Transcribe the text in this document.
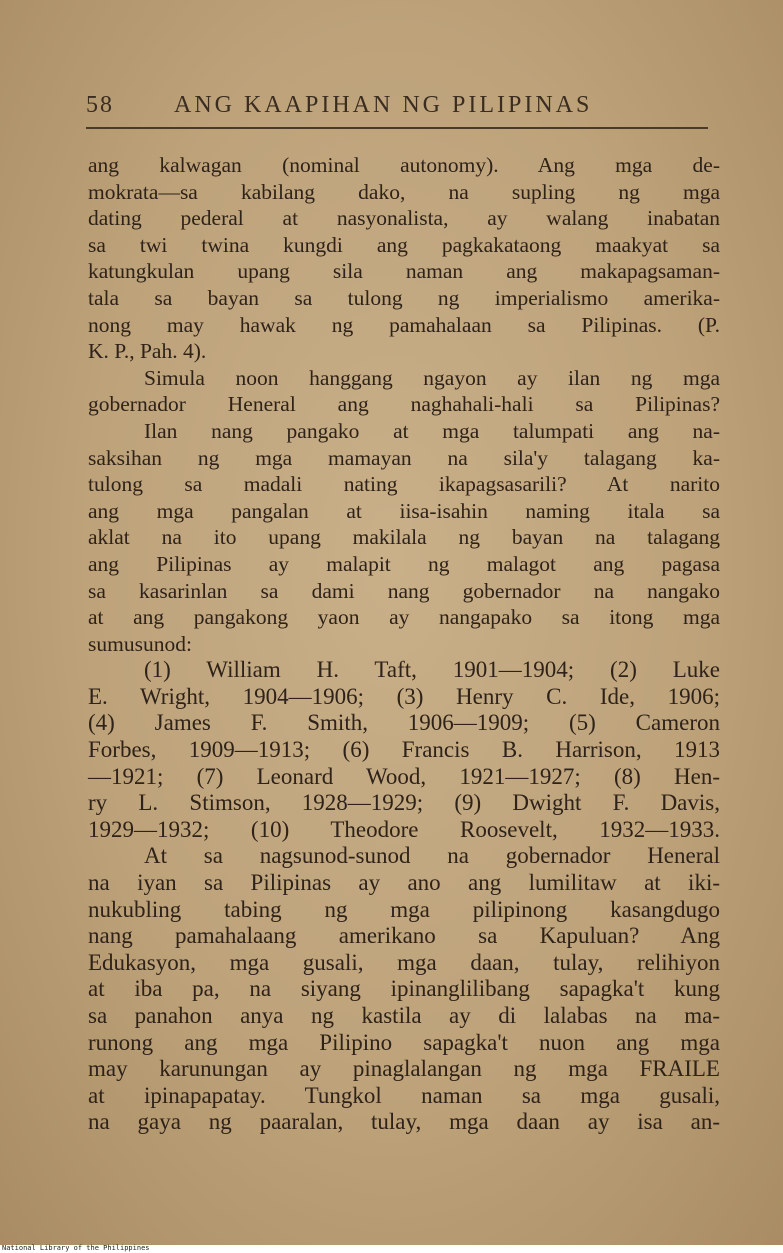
58	ANG KAAPIHAN NG PILIPINAS
ang kalwagan (nominal autonomy). Ang mga de-
mokrata—sa kabilang dako, na supling ng mga
dating pederal at nasyonalista, ay walang inabatan
sa twi twina kungdi ang pagkakataong maakyat sa
katungkulan upang sila naman ang makapagsaman-
tala sa bayan sa tulong ng imperialismo amerika-
nong may hawak ng pamahalaan sa Pilipinas. (P.
K. P., Pah. 4).
Simula noon hanggang ngayon ay ilan ng mga
gobernador Heneral ang naghahali-hali sa Pilipinas?
Ilan nang pangako at mga talumpati ang na-
saksihan ng mga mamayan na sila'y talagang ka-
tulong sa madali nating ikapagsasarili? At narito
ang mga pangalan at iisa-isahin naming itala sa
aklat na ito upang makilala ng bayan na talagang
ang Pilipinas ay malapit ng malagot ang pagasa
sa kasarinlan sa dami nang gobernador na nangako
at ang pangakong yaon ay nangapako sa itong mga
sumusunod:
(1) William H. Taft, 1901—1904; (2) Luke
E. Wright, 1904—1906; (3) Henry C. Ide, 1906;
(4) James F. Smith, 1906—1909; (5) Cameron
Forbes, 1909—1913; (6) Francis B. Harrison, 1913
—1921; (7) Leonard Wood, 1921—1927; (8) Hen-
ry L. Stimson, 1928—1929; (9) Dwight F. Davis,
1929—1932; (10) Theodore Roosevelt, 1932—1933.
At sa nagsunod-sunod na gobernador Heneral
na iyan sa Pilipinas ay ano ang lumilitaw at iki-
nukubling tabing ng mga pilipinong kasangdugo
nang pamahalaang amerikano sa Kapuluan? Ang
Edukasyon, mga gusali, mga daan, tulay, relihiyon
at iba pa, na siyang ipinanglilibang sapagka't kung
sa panahon anya ng kastila ay di lalabas na ma-
runong ang mga Pilipino sapagka't nuon ang mga
may karunungan ay pinaglalangan ng mga FRAILE
at ipinapapatay. Tungkol naman sa mga gusali,
na gaya ng paaralan, tulay, mga daan ay isa an-
National Library of the Philippines
